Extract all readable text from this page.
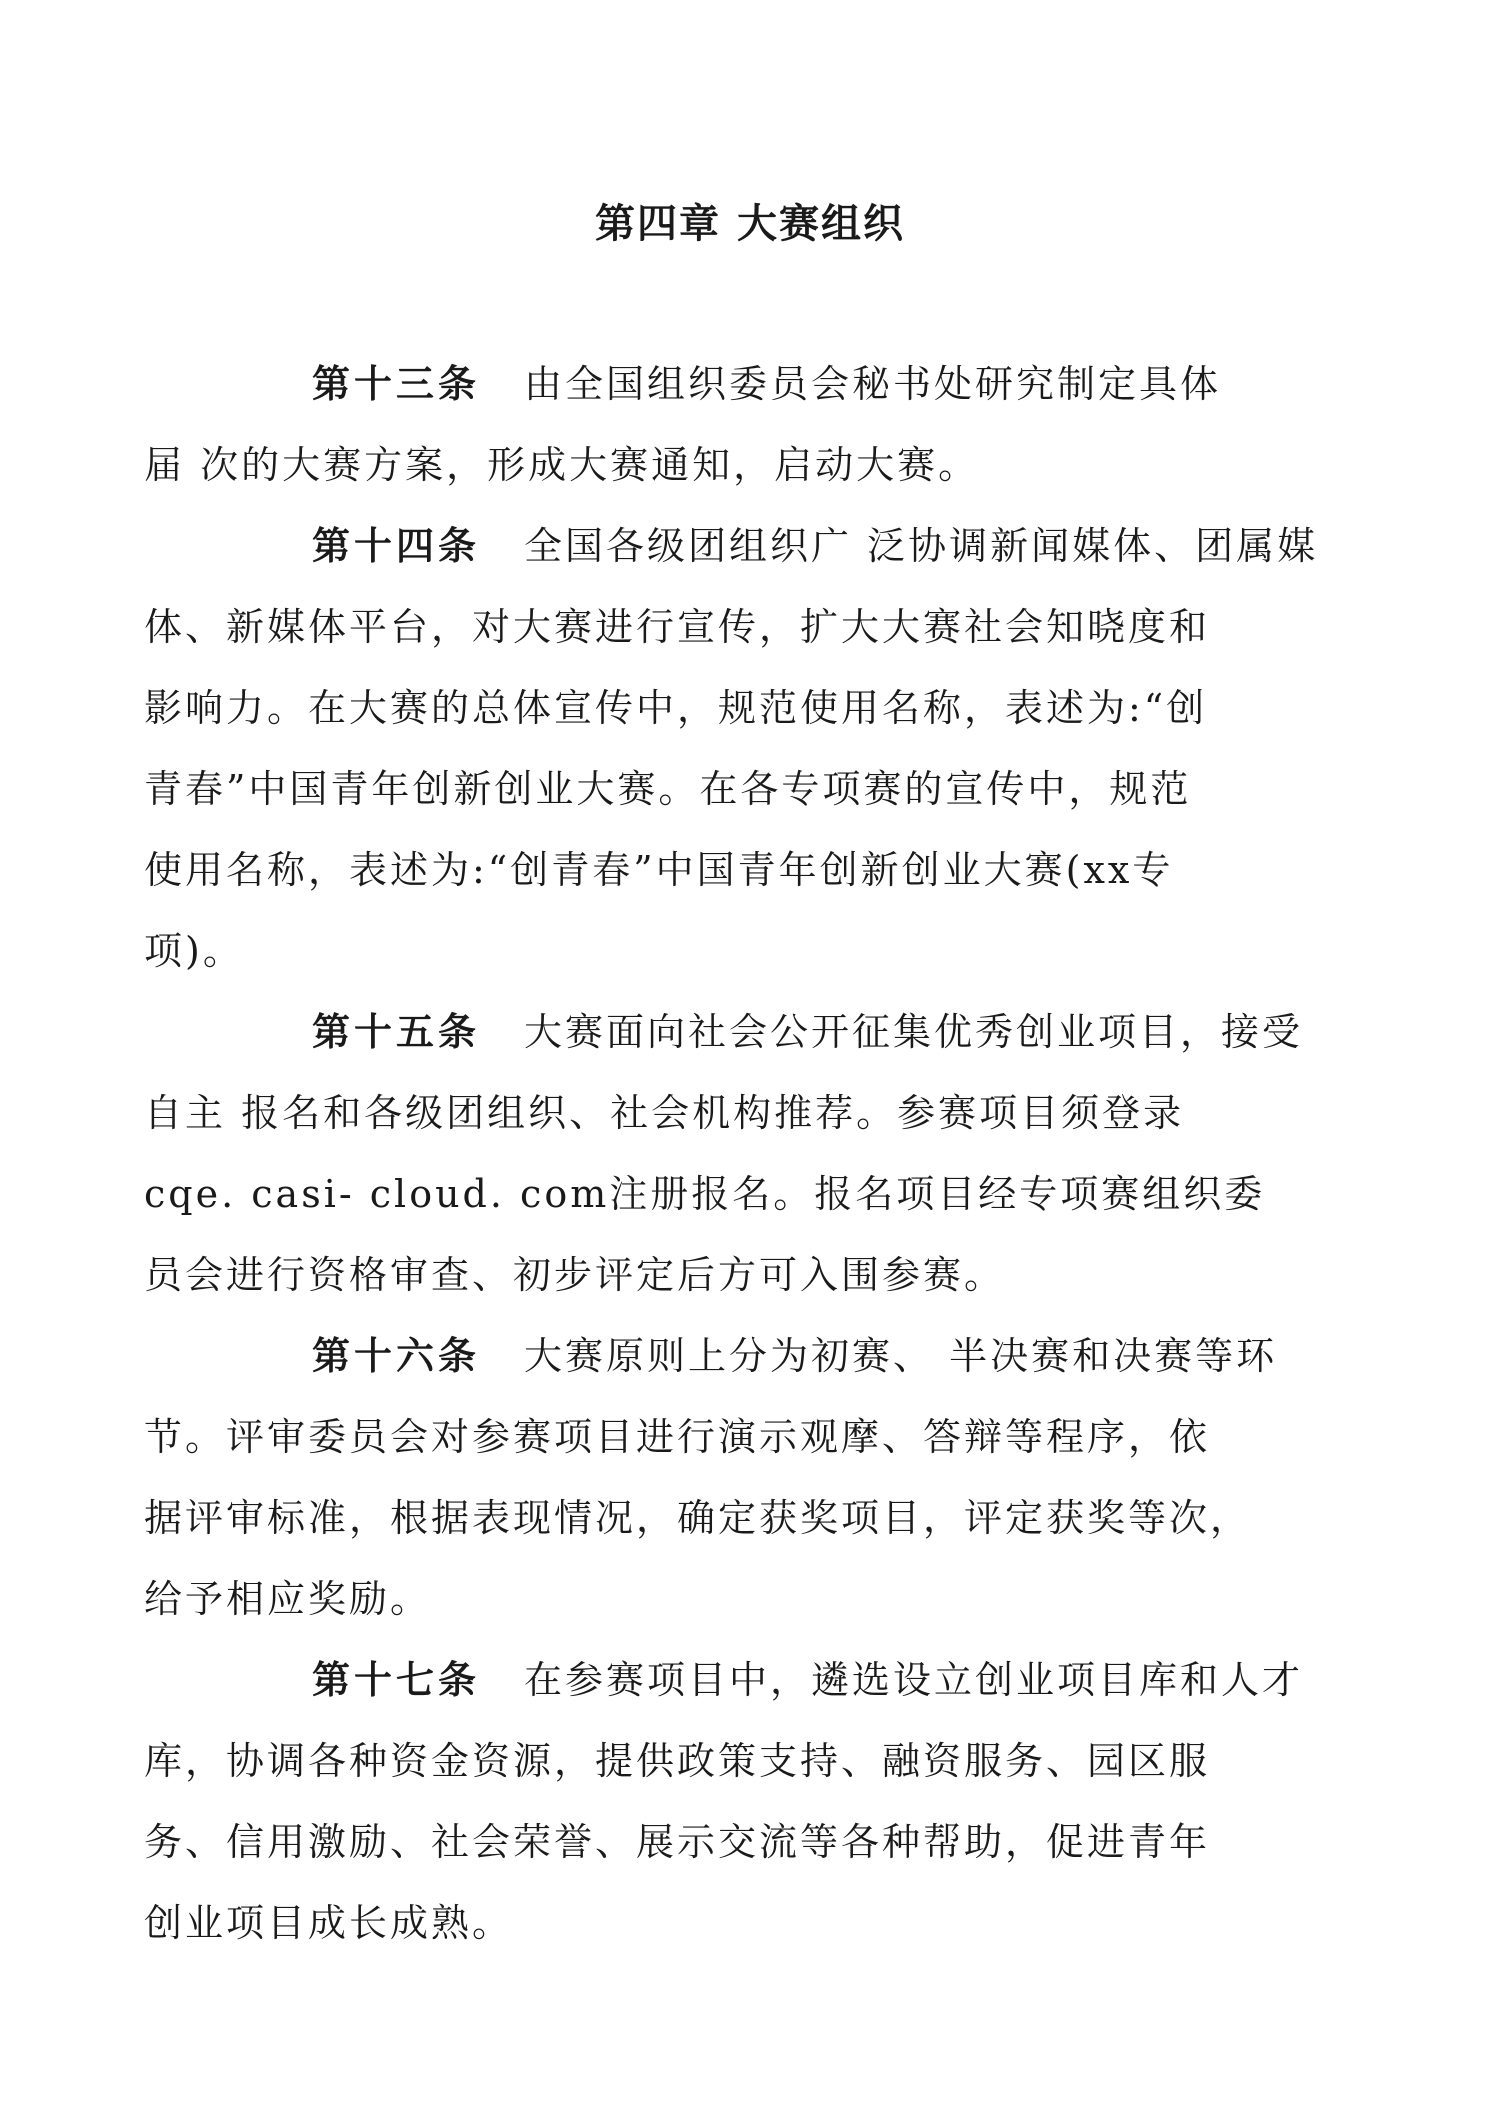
第四章 大赛组织
第十三条 由全国组织委员会秘书处研究制定具体
届 次的大赛方案，形成大赛通知，启动大赛。
第十四条 全国各级团组织广 泛协调新闻媒体、团属媒
体、新媒体平台，对大赛进行宣传，扩大大赛社会知晓度和
影响力。在大赛的总体宣传中，规范使用名称，表述为:“创
青春”中国青年创新创业大赛。在各专项赛的宣传中，规范
使用名称，表述为:“创青春”中国青年创新创业大赛(xx专
项)。
第十五条 大赛面向社会公开征集优秀创业项目，接受
自主 报名和各级团组织、社会机构推荐。参赛项目须登录
cqe. casi- cloud. com注册报名。报名项目经专项赛组织委
员会进行资格审查、初步评定后方可入围参赛。
第十六条 大赛原则上分为初赛、 半决赛和决赛等环
节。评审委员会对参赛项目进行演示观摩、答辩等程序，依
据评审标准，根据表现情况，确定获奖项目，评定获奖等次，
给予相应奖励。
第十七条 在参赛项目中，遴选设立创业项目库和人才
库，协调各种资金资源，提供政策支持、融资服务、园区服
务、信用激励、社会荣誉、展示交流等各种帮助，促进青年
创业项目成长成熟。
